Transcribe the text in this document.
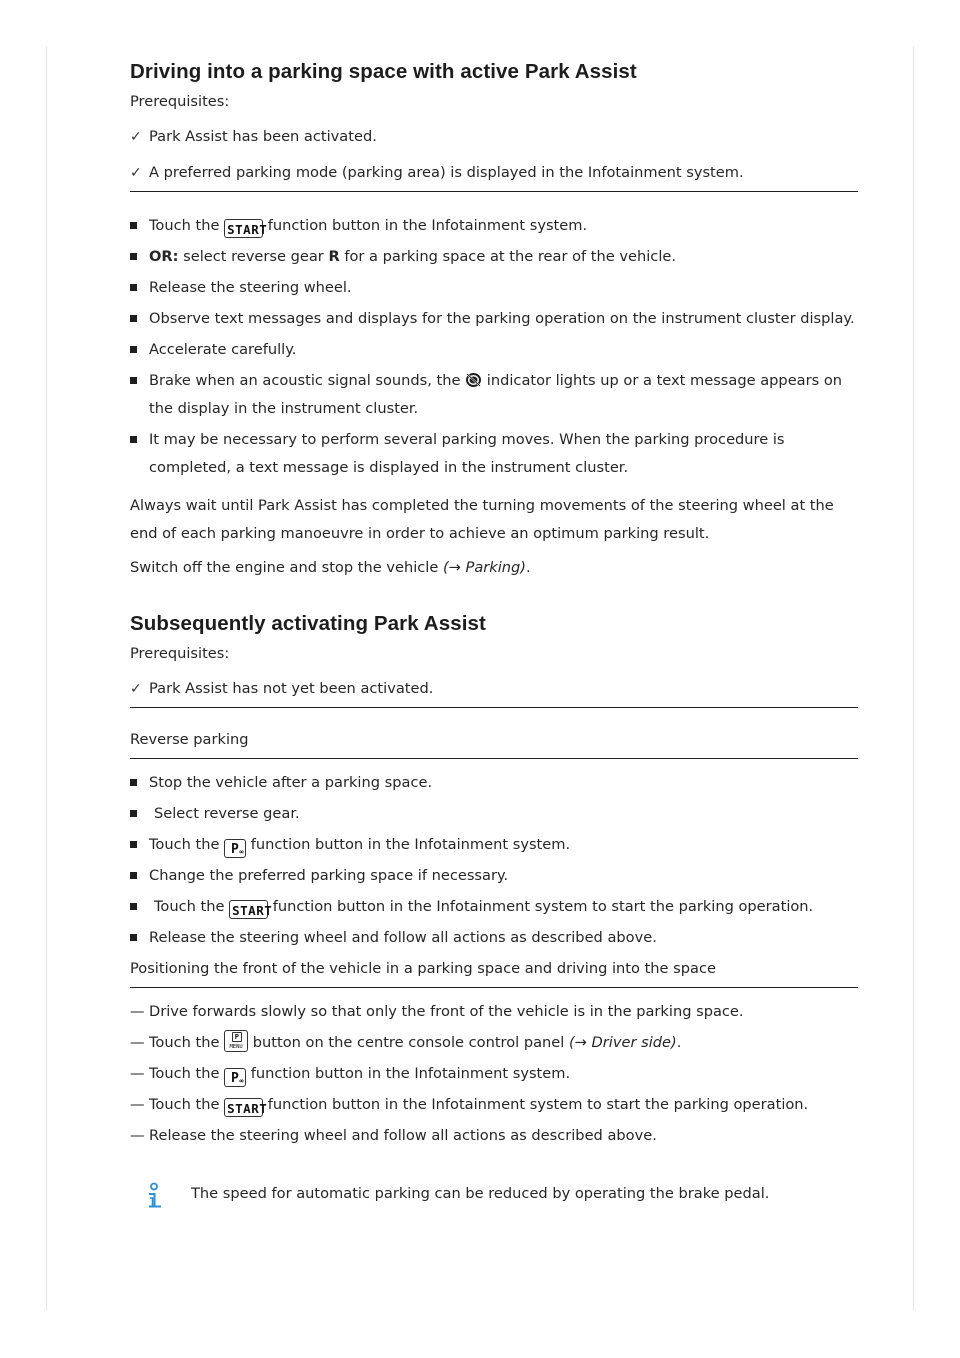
Driving into a parking space with active Park Assist

Prerequisites:

✓ Park Assist has been activated.
✓ A preferred parking mode (parking area) is displayed in the Infotainment system.
Touch the START function button in the Infotainment system.
OR: select reverse gear R for a parking space at the rear of the vehicle.
Release the steering wheel.
Observe text messages and displays for the parking operation on the instrument cluster display.
Accelerate carefully.
Brake when an acoustic signal sounds, the indicator lights up or a text message appears on the display in the instrument cluster.
It may be necessary to perform several parking moves. When the parking procedure is completed, a text message is displayed in the instrument cluster.

Always wait until Park Assist has completed the turning movements of the steering wheel at the end of each parking manoeuvre in order to achieve an optimum parking result.

Switch off the engine and stop the vehicle (→ Parking).

Subsequently activating Park Assist

Prerequisites:

✓ Park Assist has not yet been activated.

Reverse parking

Stop the vehicle after a parking space.
Select reverse gear.
Touch the P ∞ function button in the Infotainment system.
Change the preferred parking space if necessary.
Touch the START function button in the Infotainment system to start the parking operation.
Release the steering wheel and follow all actions as described above.

Positioning the front of the vehicle in a parking space and driving into the space

— Drive forwards slowly so that only the front of the vehicle is in the parking space.
— Touch the	P
MENU button on the centre console control panel (→ Driver side).
— Touch the P ∞ function button in the Infotainment system.
— Touch the START function button in the Infotainment system to start the parking operation.
— Release the steering wheel and follow all actions as described above.

The speed for automatic parking can be reduced by operating the brake pedal.
